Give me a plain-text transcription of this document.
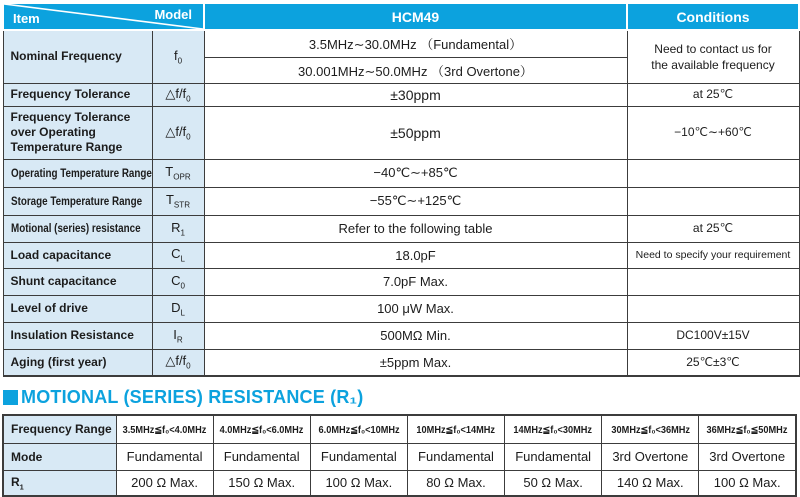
Item Model		HCM49	Conditions
Nominal Frequency	$f_0$	3.5MHz∼30.0MHz （Fundamental）	Need to contact us for
the available frequency

		30.001MHz∼50.0MHz （3rd Overtone）	
Frequency Tolerance	$\triangle f/f_0$	±30ppm	at 25℃
Frequency Tolerance over Operating Temperature Range	$\triangle f/f_0$	±50ppm	−10℃∼+60℃
Operating Temperature Range	$T_{OPR}$	−40℃∼+85℃	
Storage Temperature Range	$T_{STR}$	−55℃∼+125℃	
Motional (series) resistance	$R_1$	Refer to the following table	at 25℃
Load capacitance	$C_L$	18.0pF	Need to specify your requirement
Shunt capacitance	$C_0$	7.0pF Max.	
Level of drive	$D_L$	100 μW Max.	
Insulation Resistance	$I_R$	500MΩ Min.	DC100V±15V
Aging (first year)	$\triangle f/f_0$	±5ppm Max.	25℃±3℃
MOTIONAL (SERIES) RESISTANCE (R₁)
Frequency Range	3.5MHz≦f₀<4.0MHz	4.0MHz≦f₀<6.0MHz	6.0MHz≦f₀<10MHz	10MHz≦f₀<14MHz	14MHz≦f₀<30MHz	30MHz≦f₀<36MHz	36MHz≦f₀≦50MHz
Mode	Fundamental	Fundamental	Fundamental	Fundamental	Fundamental	3rd Overtone	3rd Overtone
$R_1$	200 Ω Max.	150 Ω Max.	100 Ω Max.	80 Ω Max.	50 Ω Max.	140 Ω Max.	100 Ω Max.
